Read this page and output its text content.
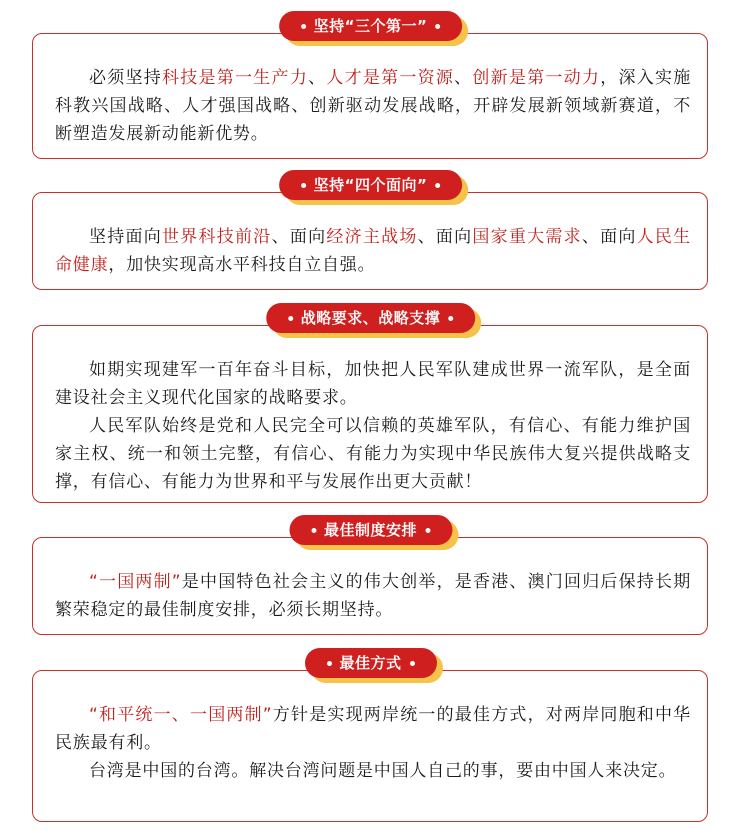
坚持“三个第一”

必须坚持科技是第一生产力、人才是第一资源、创新是第一动力，深入实施科教兴国战略、人才强国战略、创新驱动发展战略，开辟发展新领域新赛道，不断塑造发展新动能新优势。

坚持“四个面向”

坚持面向世界科技前沿、面向经济主战场、面向国家重大需求、面向人民生命健康，加快实现高水平科技自立自强。

战略要求、战略支撑

如期实现建军一百年奋斗目标，加快把人民军队建成世界一流军队，是全面建设社会主义现代化国家的战略要求。

人民军队始终是党和人民完全可以信赖的英雄军队，有信心、有能力维护国家主权、统一和领土完整，有信心、有能力为实现中华民族伟大复兴提供战略支撑，有信心、有能力为世界和平与发展作出更大贡献！

最佳制度安排

“一国两制”是中国特色社会主义的伟大创举，是香港、澳门回归后保持长期繁荣稳定的最佳制度安排，必须长期坚持。

最佳方式

“和平统一、一国两制”方针是实现两岸统一的最佳方式，对两岸同胞和中华民族最有利。

台湾是中国的台湾。解决台湾问题是中国人自己的事，要由中国人来决定。
